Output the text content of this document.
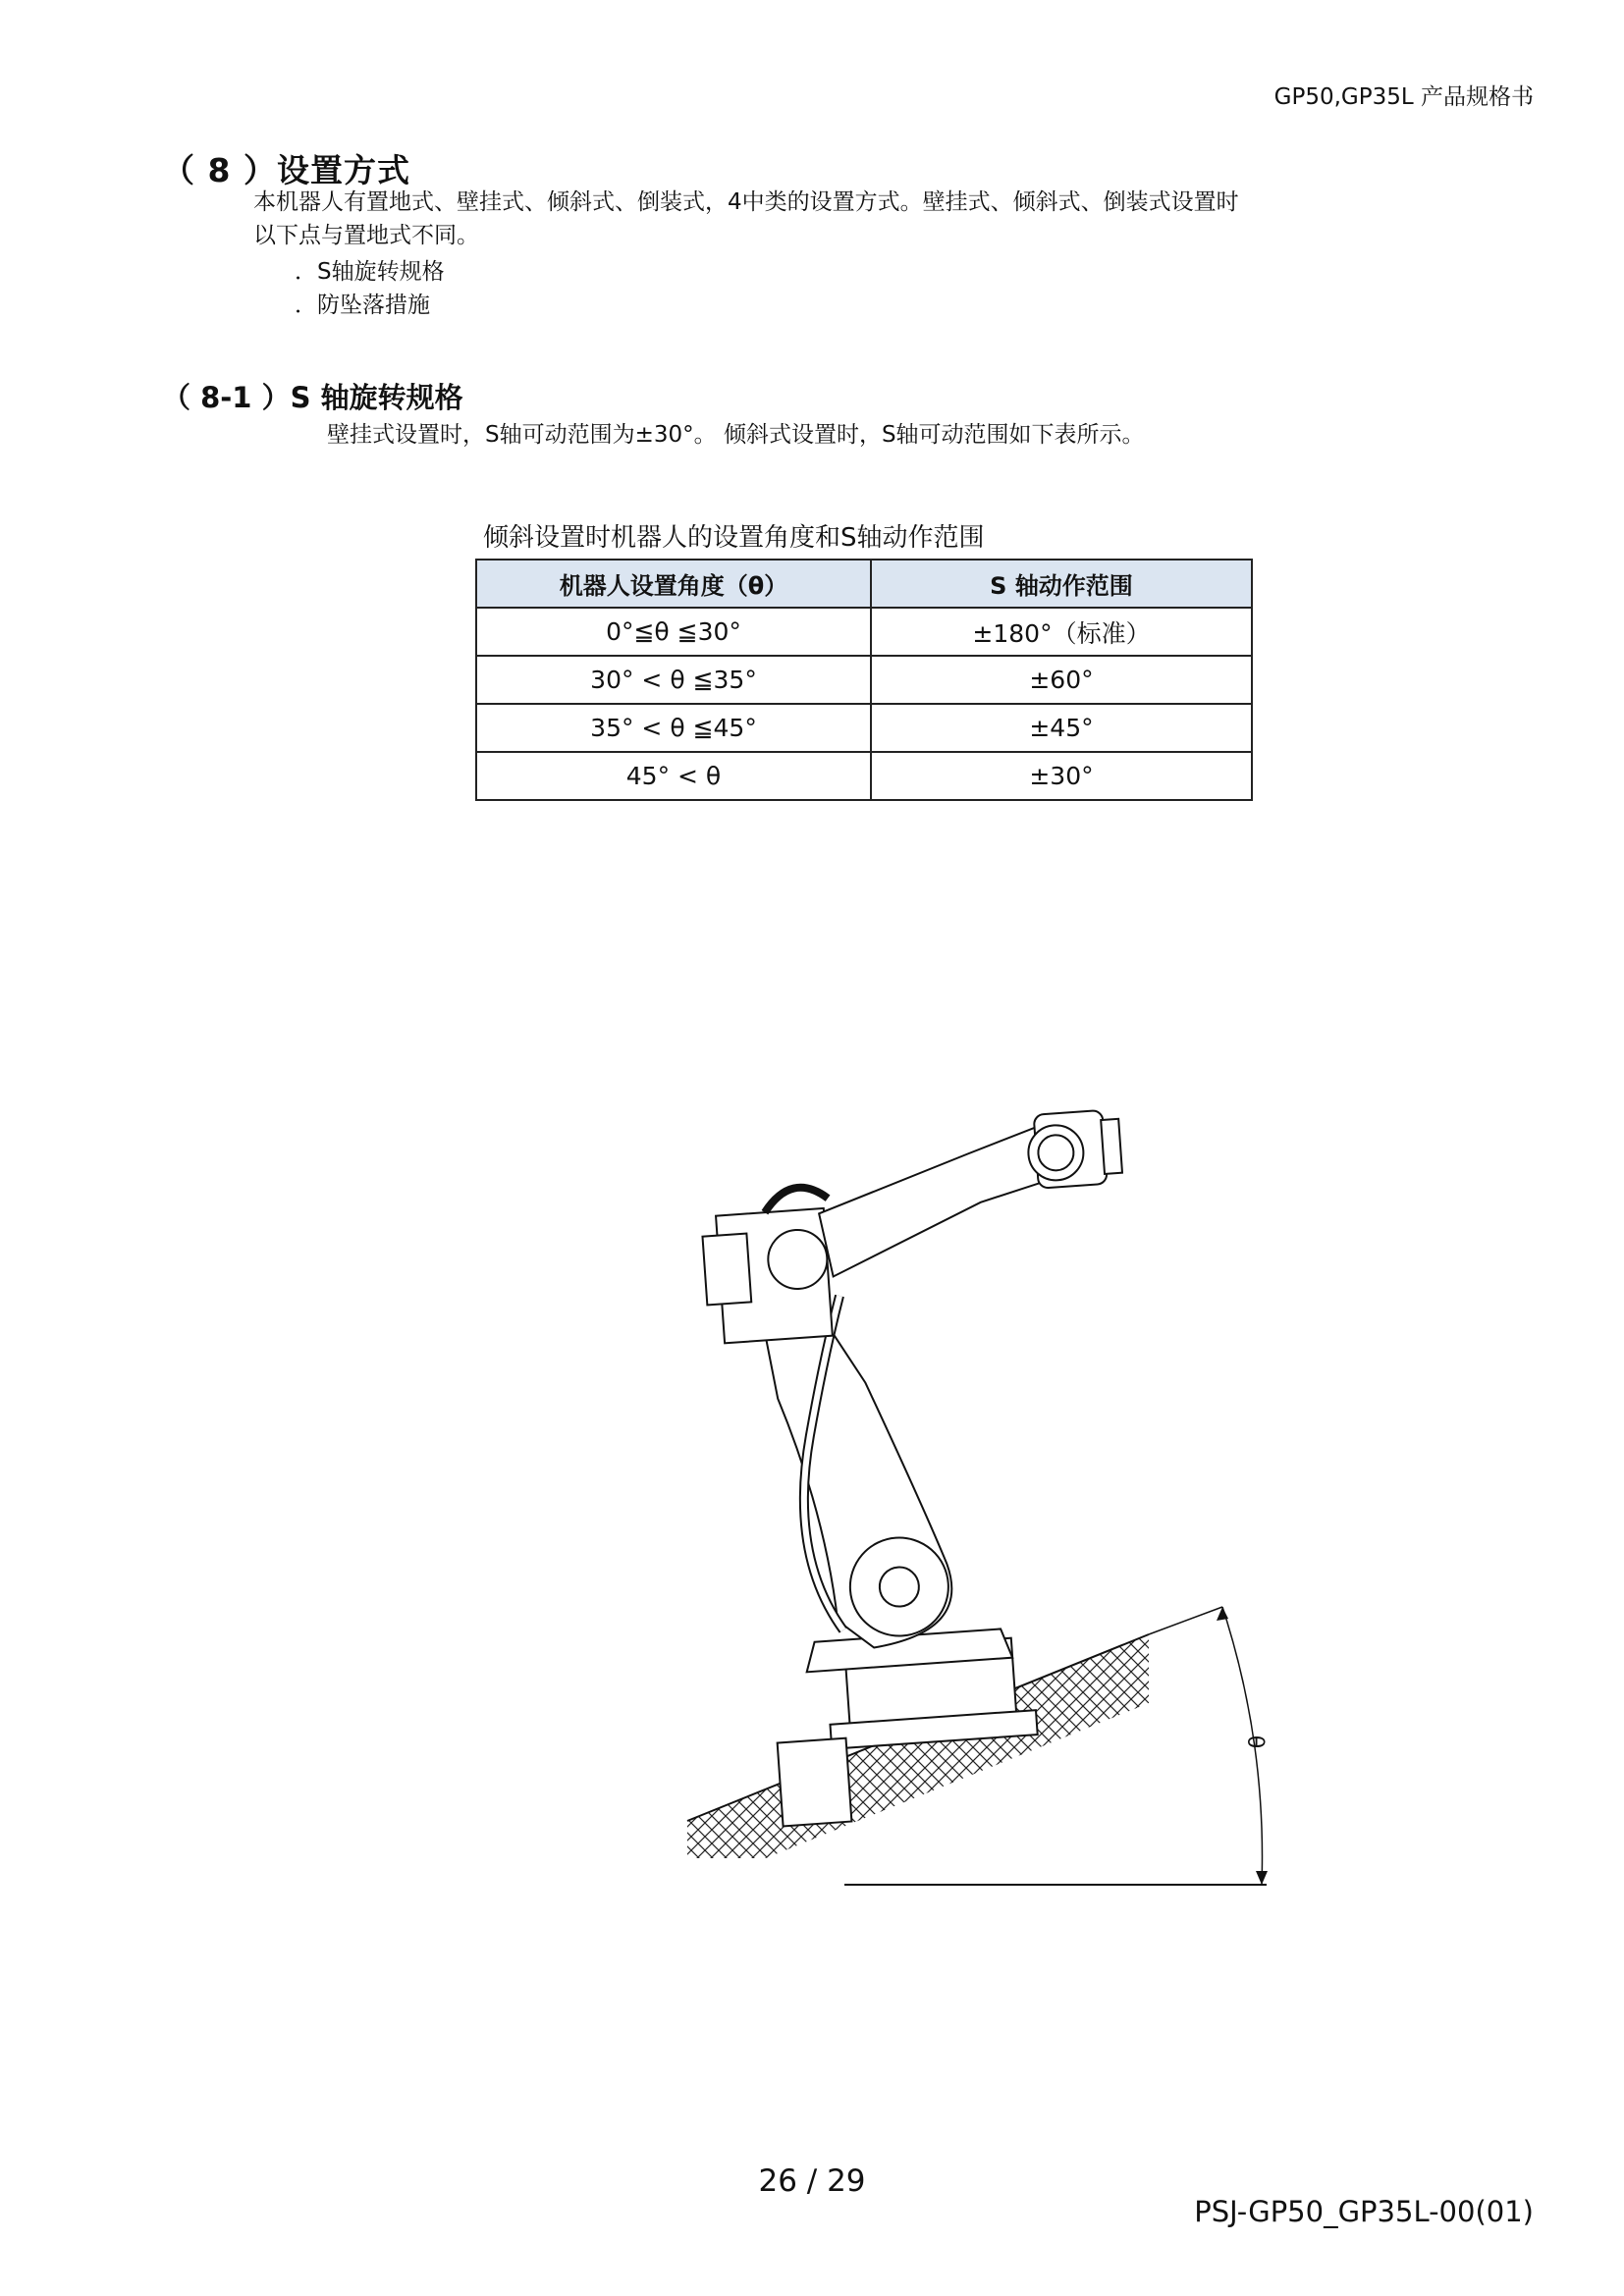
GP50,GP35L 产品规格书
（ 8 ）设置方式
本机器人有置地式、壁挂式、倾斜式、倒装式，4中类的设置方式。壁挂式、倾斜式、倒装式设置时
以下点与置地式不同。
．S轴旋转规格
．防坠落措施
（ 8-1 ）S 轴旋转规格
壁挂式设置时，S轴可动范围为±30°。 倾斜式设置时，S轴可动范围如下表所示。
倾斜设置时机器人的设置角度和S轴动作范围
机器人设置角度（θ）	S 轴动作范围
0°≦θ ≦30°	±180°（标准）
30° < θ ≦35°	±60°
35° < θ ≦45°	±45°
45° < θ	±30°
θ
26 / 29
PSJ-GP50_GP35L-00(01)
